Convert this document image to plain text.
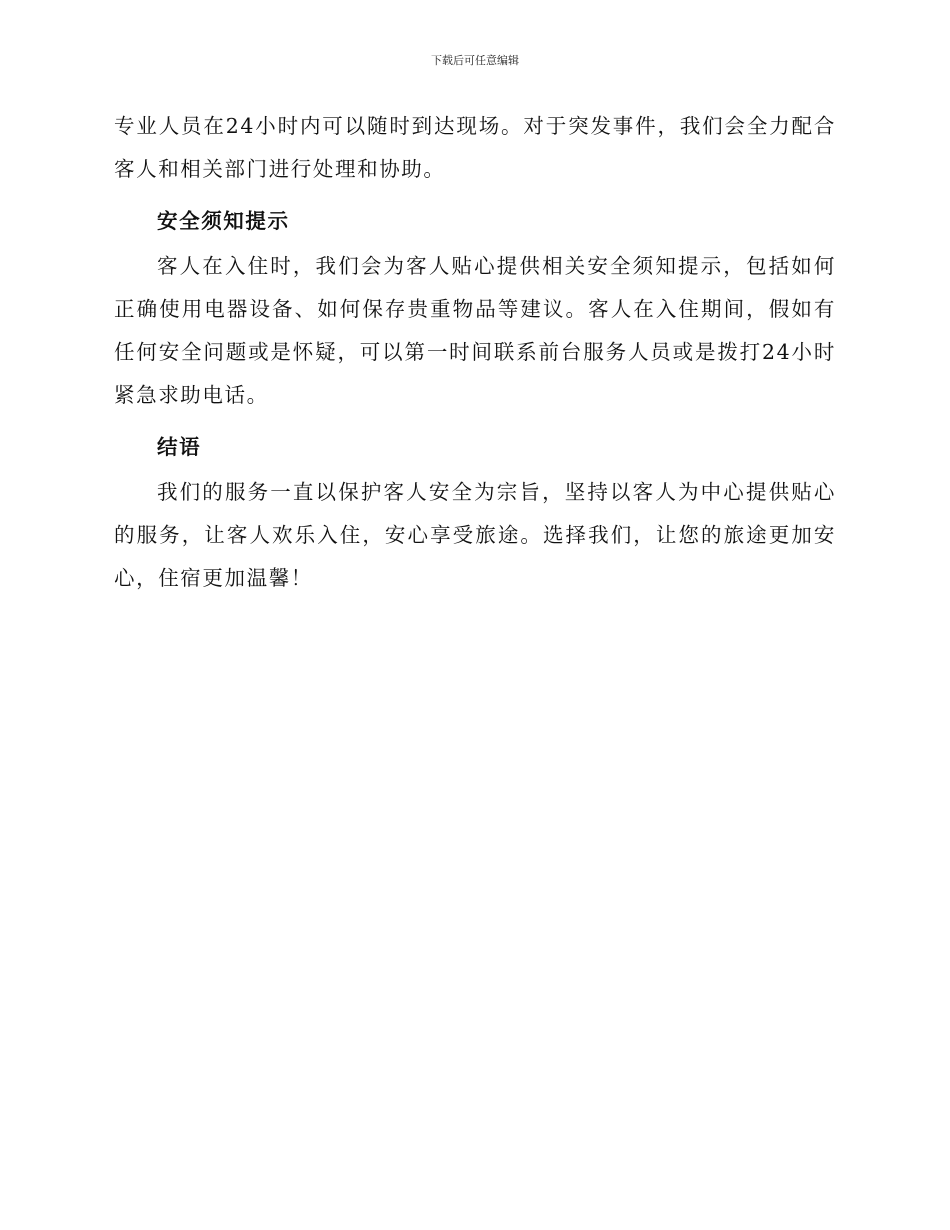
下载后可任意编辑

专业人员在24小时内可以随时到达现场。对于突发事件，我们会全力配合客人和相关部门进行处理和协助。

安全须知提示

客人在入住时，我们会为客人贴心提供相关安全须知提示，包括如何正确使用电器设备、如何保存贵重物品等建议。客人在入住期间，假如有任何安全问题或是怀疑，可以第一时间联系前台服务人员或是拨打24小时紧急求助电话。

结语

我们的服务一直以保护客人安全为宗旨，坚持以客人为中心提供贴心的服务，让客人欢乐入住，安心享受旅途。选择我们，让您的旅途更加安心，住宿更加温馨！
